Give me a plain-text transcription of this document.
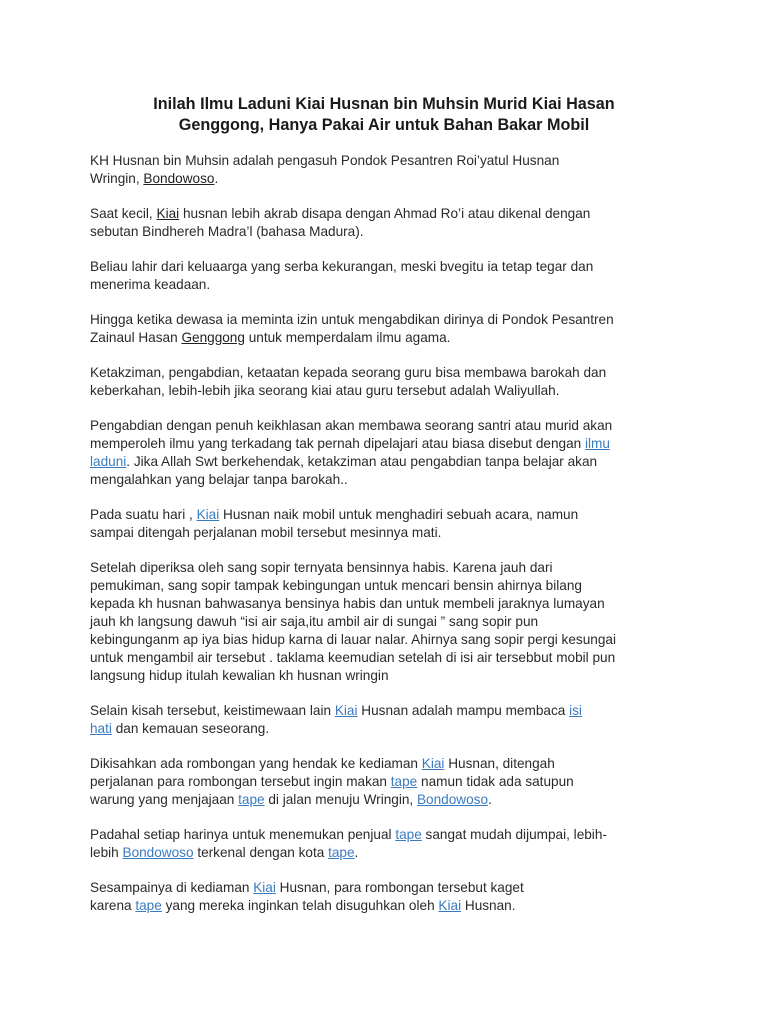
Inilah Ilmu Laduni Kiai Husnan bin Muhsin Murid Kiai Hasan
Genggong, Hanya Pakai Air untuk Bahan Bakar Mobil

KH Husnan bin Muhsin adalah pengasuh Pondok Pesantren Roi’yatul Husnan
Wringin, Bondowoso.

Saat kecil, Kiai husnan lebih akrab disapa dengan Ahmad Ro’i atau dikenal dengan
sebutan Bindhereh Madra’l (bahasa Madura).

Beliau lahir dari keluaarga yang serba kekurangan, meski bvegitu ia tetap tegar dan
menerima keadaan.

Hingga ketika dewasa ia meminta izin untuk mengabdikan dirinya di Pondok Pesantren
Zainaul Hasan Genggong untuk memperdalam ilmu agama.

Ketakziman, pengabdian, ketaatan kepada seorang guru bisa membawa barokah dan
keberkahan, lebih-lebih jika seorang kiai atau guru tersebut adalah Waliyullah.

Pengabdian dengan penuh keikhlasan akan membawa seorang santri atau murid akan
memperoleh ilmu yang terkadang tak pernah dipelajari atau biasa disebut dengan ilmu
laduni. Jika Allah Swt berkehendak, ketakziman atau pengabdian tanpa belajar akan
mengalahkan yang belajar tanpa barokah..

Pada suatu hari , Kiai Husnan naik mobil untuk menghadiri sebuah acara, namun
sampai ditengah perjalanan mobil tersebut mesinnya mati.

Setelah diperiksa oleh sang sopir ternyata bensinnya habis. Karena jauh dari
pemukiman, sang sopir tampak kebingungan untuk mencari bensin ahirnya bilang
kepada kh husnan bahwasanya bensinya habis dan untuk membeli jaraknya lumayan
jauh kh langsung dawuh “isi air saja,itu ambil air di sungai ” sang sopir pun
kebingunganm ap iya bias hidup karna di lauar nalar. Ahirnya sang sopir pergi kesungai
untuk mengambil air tersebut . taklama keemudian setelah di isi air tersebbut mobil pun
langsung hidup itulah kewalian kh husnan wringin

Selain kisah tersebut, keistimewaan lain Kiai Husnan adalah mampu membaca isi
hati dan kemauan seseorang.

Dikisahkan ada rombongan yang hendak ke kediaman Kiai Husnan, ditengah
perjalanan para rombongan tersebut ingin makan tape namun tidak ada satupun
warung yang menjajaan tape di jalan menuju Wringin, Bondowoso.

Padahal setiap harinya untuk menemukan penjual tape sangat mudah dijumpai, lebih-
lebih Bondowoso terkenal dengan kota tape.

Sesampainya di kediaman Kiai Husnan, para rombongan tersebut kaget
karena tape yang mereka inginkan telah disuguhkan oleh Kiai Husnan.
